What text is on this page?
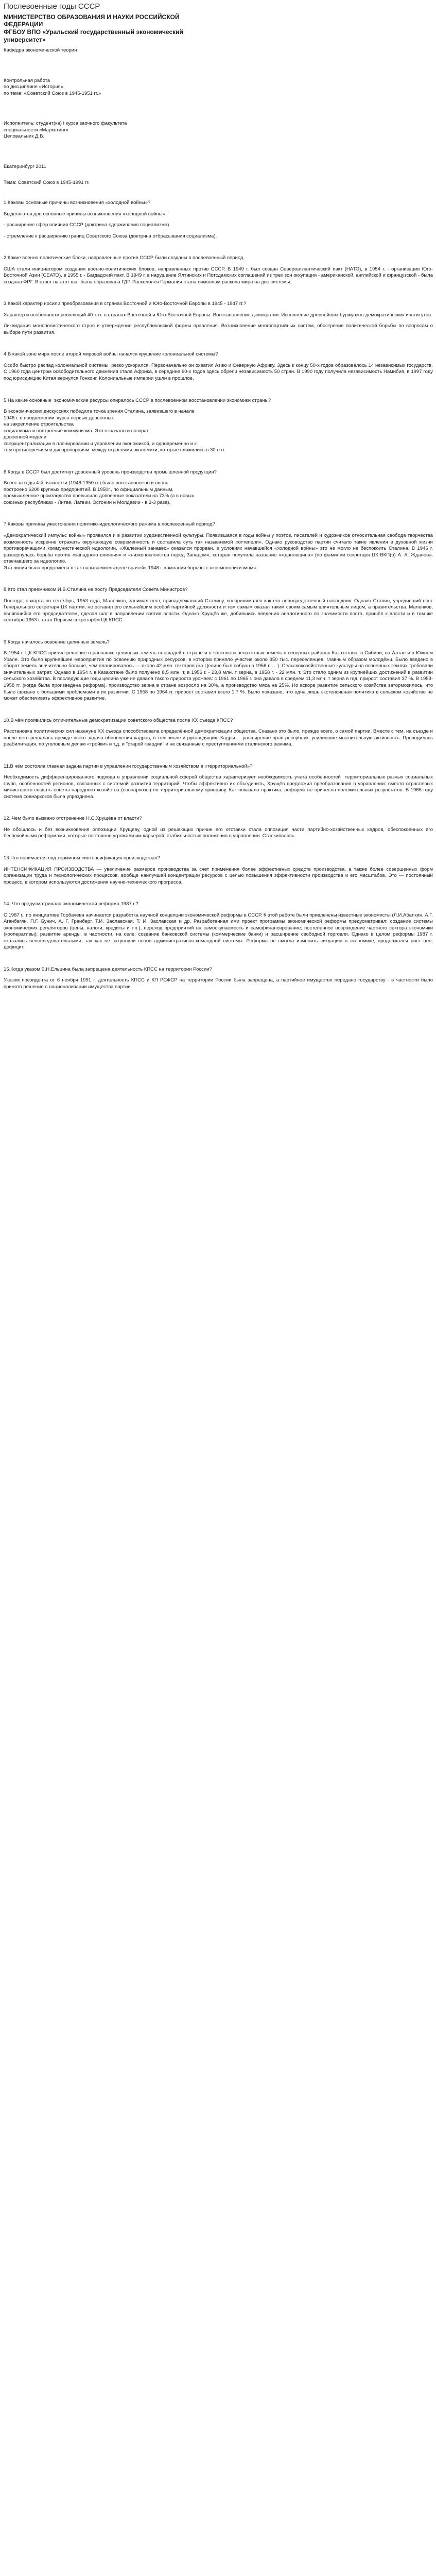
Послевоенные годы СССР
МИНИСТЕРСТВО ОБРАЗОВАНИЯ И НАУКИ РОССИЙСКОЙ
ФЕДЕРАЦИИ
ФГБОУ ВПО «Уральский государственный экономический
университет»

Кафедра экономической теории

Контрольная работа

по дисциплине «История»

по теме: «Советский Союз в 1945-1951 гг.»

Исполнитель: студент(ка) I курса заочного факультета

специальности «Маркетинг»

Целовальник Д.В.

Екатеринбург 2011

Тема: Советский Союз в 1945-1991 гг.

1.Каковы основные причины возникновения «холодной войны»?

Выделяются две основные причины возникновения «холодной войны»:

- расширение сфер влияния СССР (доктрина сдерживания социализма)

- стремление к расширению границ Советского Союза (доктрина отбрасывания социализма).

2.Какие военно-политические блоки, направленные против СССР были созданы в послевоенный период.

США стали инициатором создания военно-политических блоков, направленных против СССР. В 1949 г. был создан Североатлантический пакт (НАТО), в 1954 г. - организация Юго-Восточной Азии (СЕАТО), в 1955 г. - Багдадский пакт. В 1949 г. в нарушение Ялтинских и Потсдамских соглашений из трех зон оккупации - американской, английской и французской - была создана ФРГ. В ответ на этот шаг была образована ГДР. Раскололся Германия стала символом раскола мира на две системы.

3.Какой характер носили преобразования в странах Восточной и Юго-Восточной Европы в 1945 - 1947 гг.?

Характер и особенности революций 40-х гг. в странах Восточной и Юго-Восточной Европы. Восстановление демократии. Исполнение древнейших буржуазно-демократических институтов.

Ликвидация монополистического строя и утверждение республиканской формы правления. Возникновение многопартийных систем, обострение политической борьбы по вопросам о выборе пути развития.

4.В какой зоне мира после второй мировой войны начался крушение колониальной системы?

Особо быстро распад колониальной системы  резко ускорился. Первоначально он охватил Азию и Северную Африку. Здесь к концу 50-х годов образовалось 14 независимых государств. С 1960 года центром освободительного движения стала Африка, в середине 60-х годов здесь обрели независимость 50 стран. В 1990 году получила независимость Намибия, в 1997 году под юрисдикцию Китая вернулся Гонконг. Колониальные империи ушли в прошлое.

5.На какие основные  экономические ресурсы опиралось СССР в послевоенном восстановлении экономики страны?

В экономических дискуссиях победила точка зрения Сталина, заявившего в начале
1946 г. о продолжении  курса первых довоенных
на закрепление строительства
социализма и построение коммунизма. Это означало и возврат
довоенной модели
сверхцентрализации в планировании и управлении экономикой, и одновременно и к
тем противоречиям и диспропорциям  между отраслями экономики, которые сложились в 30-е гг.

6.Когда в СССР был достигнут довоенный уровень производства промышленной продукции?

Всего за годы 4-й пятилетки (1946-1950 гг.) было восстановлено и вновь
построено 6200 крупных предприятий. В 1950г., по официальным данным,
промышленное производство превысило довоенные показатели на 73% (а в новых
союзных республиках - Литве, Латвии, Эстонии и Молдавии - в 2-3 раза).

7.Каковы причины ужесточения политико-идеологического режима в послевоенный период?

«Демократический импульс войны» проявился и в развитии художественной культуры. Появившаяся в годы войны у поэтов, писателей и художников относительная свобода творчества возможность искренне отражать окружающую современность и составила суть так называемой «оттепели». Однако руководство партии считало такие явления в духовной жизни противоречащими коммунистической идеологии. «Железный занавес» оказался прорван, в условиях начавшейся «холодной войны» это не могло не беспокоить Сталина. В 1946 г. развернулась борьба против «западного влияния» и «низкопоклонства перед Западом», которая получила название «ждановщина» (по фамилии секретаря ЦК ВКП(б) А. А. Жданова, отвечавшего за идеологию.
Эта линия была продолжена в так называемом «деле врачей» 1948 г. кампании борьбы с «космополитизмом».

8.Кто стал преемником И.В.Сталина на посту Председателя Совета Министров?

Полгода, с марта по сентябрь, 1953 года, Маленков, занимал пост, принадлежавший Сталину, воспринимался как его непосредственный наследник. Однако Сталин, учредивший пост Генерального секретаря ЦК партии, не оставил его сильнейшим особой партийной должности и тем самым оказал таким своим самым влиятельным лицом, а правительства. Маленков, являвшийся его председателем, сделал шаг в направлении взятия власти. Однако Хрущёв же, добившись введения аналогичного по значимости поста, пришёл к власти и в том же сентябре 1953 г. стал Первым секретарём ЦК КПСС.

9.Когда началось освоение целинных земель?

В 1954 г. ЦК КПСС принял решение о распашке целинных земель площадей в стране и в частности непахотных земель в северных районах Казахстана, в Сибири, на Алтае и в Южном Урале. Это было крупнейшее мероприятие по освоению природных ресурсов, в котором приняло участие около 350 тыс. переселенцев, главным образом молодёжи. Было введено в оборот земель значительно больше, чем планировалось — около 42 млн. гектаров (на Целине был собран в 1956 г. ... ). Сельскохозяйственные культуры на освоенных землях требовали значительных затрат. Однако в 1954 г. в Казахстане было получено 8,5 млн. т, в 1956 г. - 23,8 млн. т зерна, в 1958 г. - 22 млн. т. Это стало одним из крупнейших достижений в развитии сельского хозяйства. В последующие годы целина уже не давала такого прироста урожаев: с 1961 по 1965 г. она давала в среднем 11,3 млн. т зерна в год, прирост составил 37 %. В 1953-1958 гг. (когда была произведена реформа), производство зерна в стране возросло на 30%, а производство мяса на 25%. Но вскоре развитие сельского хозяйства затормозилось, что было связано с большими проблемами в их развитии. С 1958 по 1964 гг. прирост составил всего 1,7 %. Было показано, что одна лишь экстенсивная политика в сельском хозяйстве не может обеспечивать эффективное развитие.

10.В чём проявились отличительные демократизации советского общества после XX съезда КПСС?

Расстановка политических сил накануне XX съезда способствовала определённой демократизации общества. Сказано это было, прежде всего, о самой партии. Вместе с тем, на съезде и после него решалась прежде всего задача обновления кадров, в том числе и руководящих. Кадры ... расширение прав республик, усилившие мыслительную активность. Проводилась реабилитация, по уголовным делам «тройки» и т.д. и "старой гвардии" и не связанные с преступлениями сталинского режима.

11.В чём состояла главная задача партии в управлении государственным хозяйством в «территориальной»?

Необходимость дифференцированного подхода в управлении социальной сферой общества характеризует необходимость учета особенностей  территориальных разных социальных групп, особенностей регионов, связанных с системой развития территорий. Чтобы эффективно их объединить, Хрущёв предложил преобразования в управлении: вместо отраслевых министерств создать советы народного хозяйства (совнархозы) по территориальному принципу. Как показала практика, реформа не принесла положительных результатов. В 1965 году система совнархозов была упразднена.

12. Чем было вызвано отстранение Н.С.Хрущёва от власти?

Не обошлось и без возникновения оппозиции Хрущеву, одной из решающих причин его отставки стала оппозиция части партийно-хозяйственных кадров, обеспокоенных его беспокойными реформами, которые постоянно угрожали им карьерой, стабильностью положения в управлении. Сталкивалась.

13.Что понимается под термином «интенсификация производства»?

ИНТЕНСИФИКАЦИЯ ПРОИЗВОДСТВА — увеличение размеров производства за счет применения более эффективных средств производства, а также более совершенных форм организации труда и технологических процессов, вообще наилучшей концентрации ресурсов с целью повышения эффективности производства и его масштабов. Это — постоянный процесс, в котором используются достижения научно-технического прогресса.

14. Что предусматривала экономическая реформа 1987 г.?

С 1987 г., по инициативе Горбачева начинается разработка научной концепции экономической реформы в СССР. К этой работе были привлечены известные экономисты (Л.И.Абалкин, А.Г. Аганбегян, П.Г. Бунич, А. Г. Гранберг, Т.И. Заславская, Т. И. Заславская и др. Разработанная ими проект программы экономической реформы предусматривал: создание системы экономических регуляторов (цены, налоги, кредиты и т.п.), переход предприятий на самоокупаемость и самофинансирование; постепенное возрождение частного сектора экономики (кооперативы); развитие аренды, в частности, на селе; создание банковской системы (коммерческие банки) и расширение свободной торговли. Однако в целом реформы 1987 г. оказались непоследовательными, так как не затронули основ административно-командной системы. Реформа не смогла изменить ситуацию в экономике, продолжался рост цен, дефицит.

15.Когда указом Б.Н.Ельцина была запрещена деятельность КПСС на территории России?

Указом президента от 6 ноября 1991 г. деятельность КПСС и КП РСФСР на территории России была запрещена, а партийное имущество передано государству - в частности было принято решение о национализации имущества партии.
